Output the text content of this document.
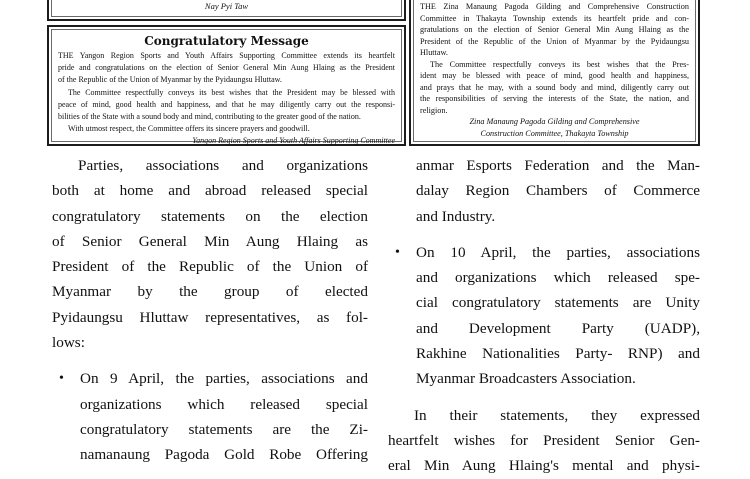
Nay Pyi Taw
Congratulatory Message
THE Yangon Region Sports and Youth Affairs Supporting Committee extends its heartfelt
pride and congratulations on the election of Senior General Min Aung Hlaing as the President
of the Republic of the Union of Myanmar by the Pyidaungsu Hluttaw.
The Committee respectfully conveys its best wishes that the President may be blessed with
peace of mind, good health and happiness, and that he may diligently carry out the responsi-
bilities of the State with a sound body and mind, contributing to the greater good of the nation.
With utmost respect, the Committee offers its sincere prayers and goodwill.
Yangon Region Sports and Youth Affairs Supporting Committee
THE Zina Manaung Pagoda Gilding and Comprehensive Construction
Committee in Thakayta Township extends its heartfelt pride and con-
gratulations on the election of Senior General Min Aung Hlaing as the
President of the Republic of the Union of Myanmar by the Pyidaungsu
Hluttaw.
The Committee respectfully conveys its best wishes that the Pres-
ident may be blessed with peace of mind, good health and happiness,
and prays that he may, with a sound body and mind, diligently carry out
the responsibilities of serving the interests of the State, the nation, and
religion.
Zina Manaung Pagoda Gilding and Comprehensive
Construction Committee, Thakayta Township
Parties, associations and organizations
both at home and abroad released special
congratulatory statements on the election
of Senior General Min Aung Hlaing as
President of the Republic of the Union of
Myanmar by the group of elected
Pyidaungsu Hluttaw representatives, as fol-
lows:
• On 9 April, the parties, associations and
organizations which released special
congratulatory statements are the Zi-
namanaung Pagoda Gold Robe Offering
anmar Esports Federation and the Man-
dalay Region Chambers of Commerce
and Industry.
• On 10 April, the parties, associations
and organizations which released spe-
cial congratulatory statements are Unity
and Development Party (UADP),
Rakhine Nationalities Party- RNP) and
Myanmar Broadcasters Association.
In their statements, they expressed
heartfelt wishes for President Senior Gen-
eral Min Aung Hlaing's mental and physi-
